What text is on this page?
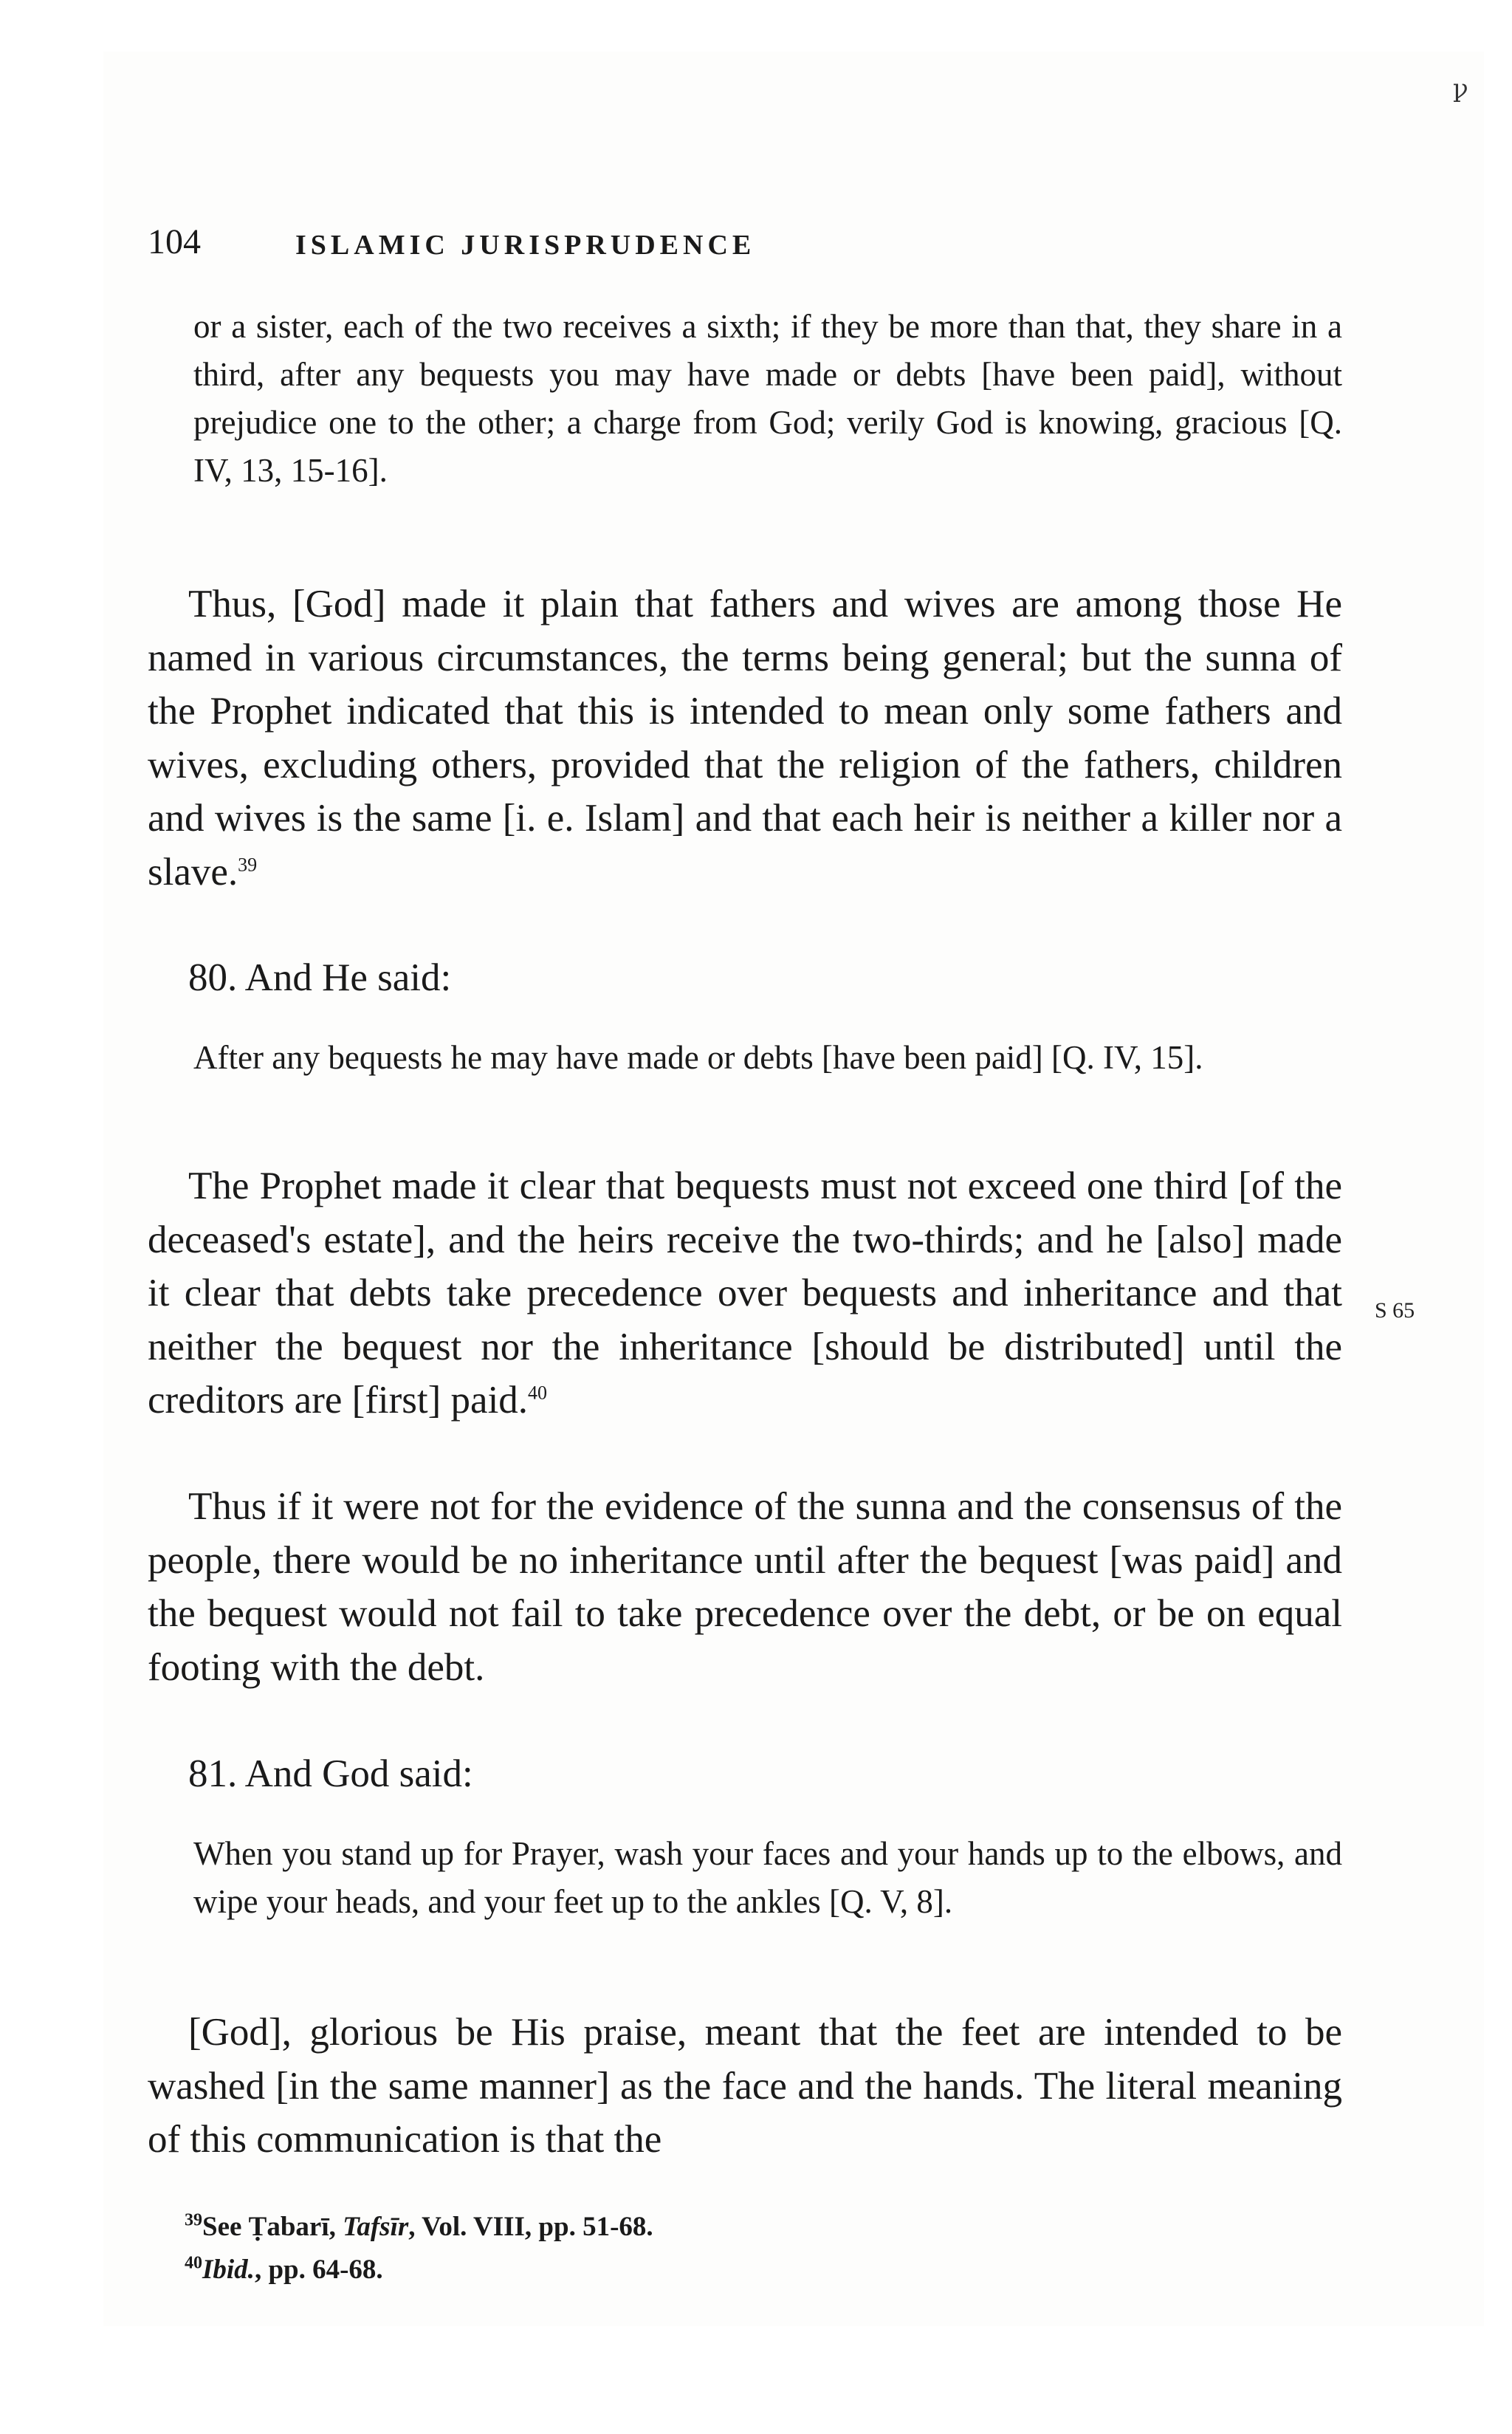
ꝩ
104	ISLAMIC JURISPRUDENCE

or a sister, each of the two receives a sixth; if they be more than that, they share in a third, after any bequests you may have made or debts [have been paid], without prejudice one to the other; a charge from God; verily God is knowing, gracious [Q. IV, 13, 15-16].

Thus, [God] made it plain that fathers and wives are among those He named in various circumstances, the terms being general; but the sunna of the Prophet indicated that this is intended to mean only some fathers and wives, excluding others, provided that the religion of the fathers, children and wives is the same [i. e. Islam] and that each heir is neither a killer nor a slave.$^{39}$

80. And He said:

After any bequests he may have made or debts [have been paid] [Q. IV, 15].

The Prophet made it clear that bequests must not exceed one third [of the deceased's estate], and the heirs receive the two-thirds; and he [also] made it clear that debts take precedence over bequests and inheritance and that neither the bequest nor the inheritance [should be distributed] until the creditors are [first] paid.$^{40}$

S 65

Thus if it were not for the evidence of the sunna and the consensus of the people, there would be no inheritance until after the bequest [was paid] and the bequest would not fail to take precedence over the debt, or be on equal footing with the debt.

81. And God said:

When you stand up for Prayer, wash your faces and your hands up to the elbows, and wipe your heads, and your feet up to the ankles [Q. V, 8].

[God], glorious be His praise, meant that the feet are intended to be washed [in the same manner] as the face and the hands. The literal meaning of this communication is that the

$^{39}$See Ṭabarī, Tafsīr, Vol. VIII, pp. 51-68.
$^{40}$Ibid., pp. 64-68.
